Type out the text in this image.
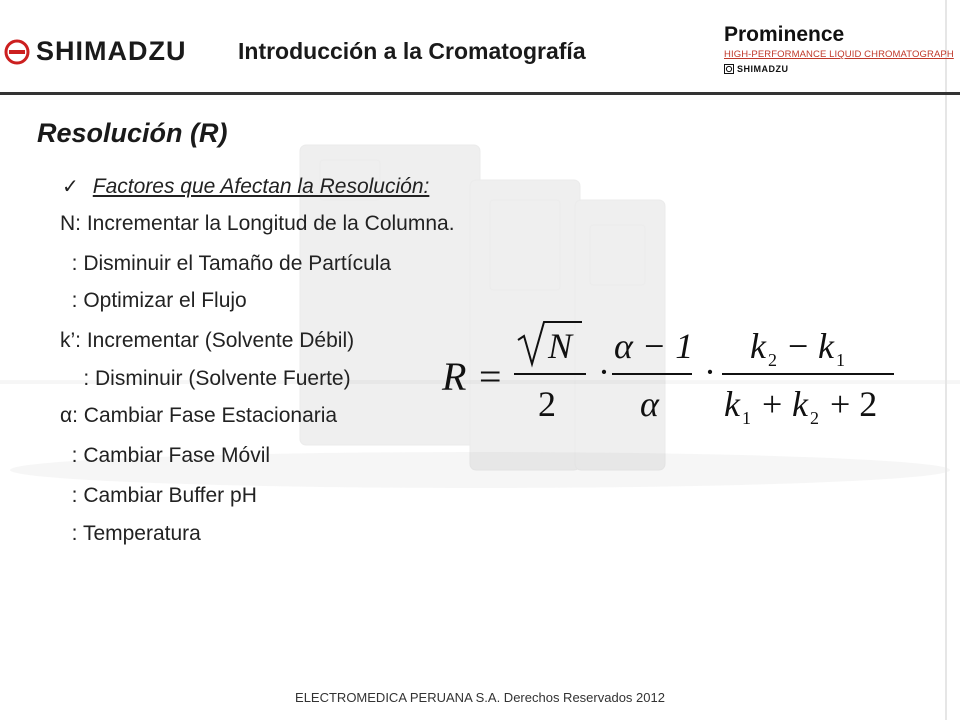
SHIMADZU Introducción a la Cromatografía
Prominence
HIGH-PERFORMANCE LIQUID CHROMATOGRAPH
SHIMADZU
Resolución (R)
✓ Factores que Afectan la Resolución:
N: Incrementar la Longitud de la Columna.
: Disminuir el Tamaño de Partícula
: Optimizar el Flujo
k’: Incrementar (Solvente Débil)
: Disminuir (Solvente Fuerte)
α: Cambiar Fase Estacionaria
: Cambiar Fase Móvil
: Cambiar Buffer pH
: Temperatura
R =
N
2
·
α − 1
α
·
k 2 − k 1
k 1 + k 2 + 2
ELECTROMEDICA PERUANA S.A. Derechos Reservados 2012
